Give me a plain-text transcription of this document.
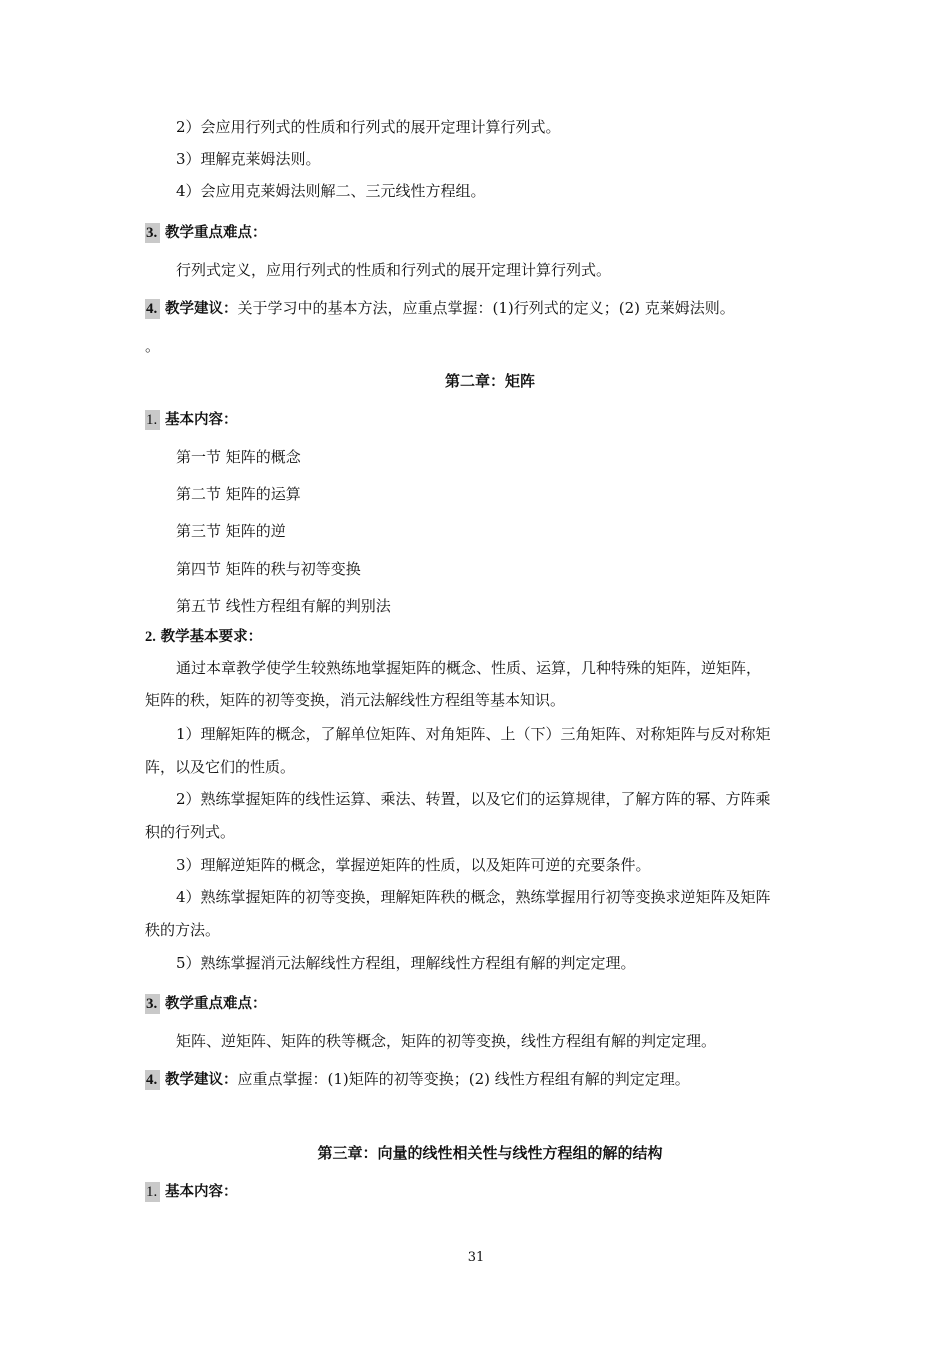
2）会应用行列式的性质和行列式的展开定理计算行列式。
3）理解克莱姆法则。
4）会应用克莱姆法则解二、三元线性方程组。
3. 教学重点难点：
行列式定义，应用行列式的性质和行列式的展开定理计算行列式。
4. 教学建议：关于学习中的基本方法，应重点掌握：(1)行列式的定义；(2) 克莱姆法则。
。
第二章：矩阵
1. 基本内容：
第一节 矩阵的概念
第二节 矩阵的运算
第三节 矩阵的逆
第四节 矩阵的秩与初等变换
第五节 线性方程组有解的判别法
2. 教学基本要求：
通过本章教学使学生较熟练地掌握矩阵的概念、性质、运算，几种特殊的矩阵，逆矩阵，
矩阵的秩，矩阵的初等变换，消元法解线性方程组等基本知识。
1）理解矩阵的概念，了解单位矩阵、对角矩阵、上（下）三角矩阵、对称矩阵与反对称矩
阵，以及它们的性质。
2）熟练掌握矩阵的线性运算、乘法、转置，以及它们的运算规律，了解方阵的幂、方阵乘
积的行列式。
3）理解逆矩阵的概念，掌握逆矩阵的性质，以及矩阵可逆的充要条件。
4）熟练掌握矩阵的初等变换，理解矩阵秩的概念，熟练掌握用行初等变换求逆矩阵及矩阵
秩的方法。
5）熟练掌握消元法解线性方程组，理解线性方程组有解的判定定理。
3. 教学重点难点：
矩阵、逆矩阵、矩阵的秩等概念，矩阵的初等变换，线性方程组有解的判定定理。
4. 教学建议：应重点掌握：(1)矩阵的初等变换；(2) 线性方程组有解的判定定理。
第三章：向量的线性相关性与线性方程组的解的结构
1. 基本内容：
31
